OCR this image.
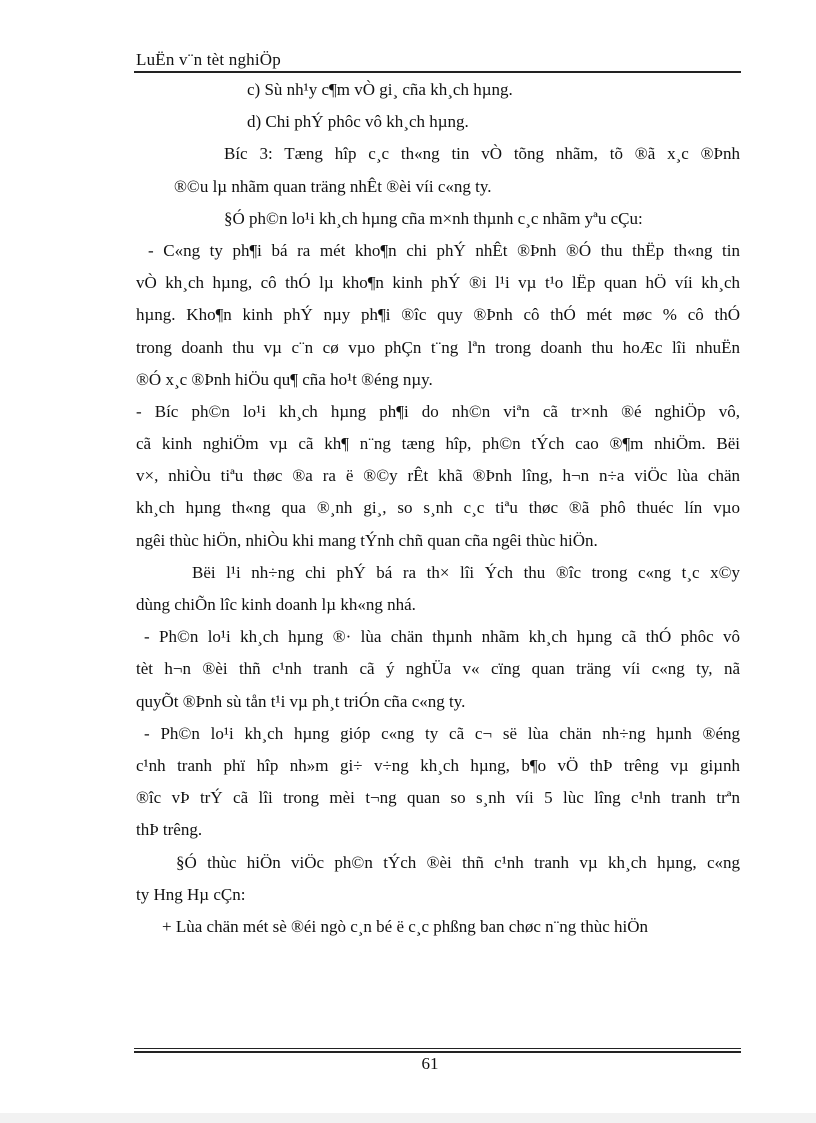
LuËn v¨n tèt nghiÖp
c) Sù nh¹y c¶m vÒ gi¸ cña kh¸ch hµng.
d) Chi phÝ phôc vô kh¸ch hµng.
Bíc 3: Tæng hîp c¸c th«ng tin vÒ tõng nhãm, tõ ®ã x¸c ®Þnh
®©u lµ nhãm quan träng nhÊt ®èi víi c«ng ty.
§Ó ph©n lo¹i kh¸ch hµng cña m×nh thµnh c¸c nhãm yªu cÇu:
- C«ng ty ph¶i bá ra mét kho¶n chi phÝ nhÊt ®Þnh ®Ó thu thËp th«ng tin
vÒ kh¸ch hµng, cô thÓ lµ kho¶n kinh phÝ ®i l¹i vµ t¹o lËp quan hÖ víi kh¸ch
hµng. Kho¶n kinh phÝ nµy ph¶i ®îc quy ®Þnh cô thÓ mét møc % cô thÓ
trong doanh thu vµ c¨n cø vµo phÇn t¨ng lªn trong doanh thu hoÆc lîi nhuËn
®Ó x¸c ®Þnh hiÖu qu¶ cña ho¹t ®éng nµy.
- Bíc ph©n lo¹i kh¸ch hµng ph¶i do nh©n viªn cã tr×nh ®é nghiÖp vô,
cã kinh nghiÖm vµ cã kh¶ n¨ng tæng hîp, ph©n tÝch cao ®¶m nhiÖm. Bëi
v×, nhiÒu tiªu thøc ®a ra ë ®©y rÊt khã ®Þnh lîng, h¬n n÷a viÖc lùa chän
kh¸ch hµng th«ng qua ®¸nh gi¸, so s¸nh c¸c tiªu thøc ®ã phô thuéc lín vµo
ngêi thùc hiÖn, nhiÒu khi mang tÝnh chñ quan cña ngêi thùc hiÖn.
Bëi l¹i nh÷ng chi phÝ bá ra th× lîi Ých thu ®îc trong c«ng t¸c x©y
dùng chiÕn lîc kinh doanh lµ kh«ng nhá.
- Ph©n lo¹i kh¸ch hµng ®· lùa chän thµnh nhãm kh¸ch hµng cã thÓ phôc vô
tèt h¬n ®èi thñ c¹nh tranh cã ý nghÜa v« cïng quan träng víi c«ng ty, nã
quyÕt ®Þnh sù tån t¹i vµ ph¸t triÓn cña c«ng ty.
- Ph©n lo¹i kh¸ch hµng gióp c«ng ty cã c¬ së lùa chän nh÷ng hµnh ®éng
c¹nh tranh phï hîp nh»m gi÷ v÷ng kh¸ch hµng, b¶o vÖ thÞ trêng vµ giµnh
®îc vÞ trÝ cã lîi trong mèi t¬ng quan so s¸nh víi 5 lùc lîng c¹nh tranh trªn
thÞ trêng.
§Ó thùc hiÖn viÖc ph©n tÝch ®èi thñ c¹nh tranh vµ kh¸ch hµng, c«ng
ty Hng Hµ cÇn:
+ Lùa chän mét sè ®éi ngò c¸n bé ë c¸c phßng ban chøc n¨ng thùc hiÖn
61
